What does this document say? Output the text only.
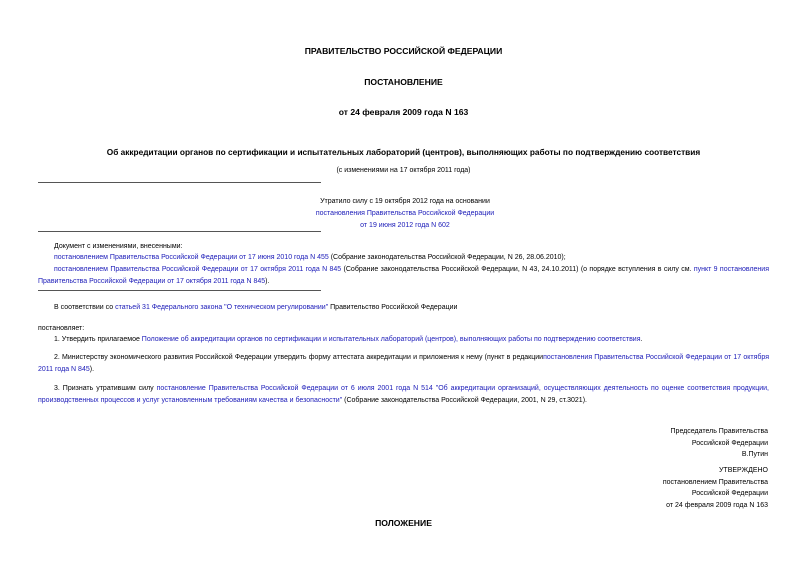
ПРАВИТЕЛЬСТВО РОССИЙСКОЙ ФЕДЕРАЦИИ
ПОСТАНОВЛЕНИЕ
от 24 февраля 2009 года N 163
Об аккредитации органов по сертификации и испытательных лабораторий (центров), выполняющих работы по подтверждению соответствия
(с изменениями на 17 октября 2011 года)
Утратило силу с 19 октября 2012 года на основании
постановления Правительства Российской Федерации
от 19 июня 2012 года N 602
Документ с изменениями, внесенными:
постановлением Правительства Российской Федерации от 17 июня 2010 года N 455 (Собрание законодательства Российской Федерации, N 26, 28.06.2010);
постановлением Правительства Российской Федерации от 17 октября 2011 года N 845 (Собрание законодательства Российской Федерации, N 43, 24.10.2011) (о порядке вступления в силу см. пункт 9 постановления Правительства Российской Федерации от 17 октября 2011 года N 845).
В соответствии со статьей 31 Федерального закона "О техническом регулировании" Правительство Российской Федерации
постановляет:
1. Утвердить прилагаемое Положение об аккредитации органов по сертификации и испытательных лабораторий (центров), выполняющих работы по подтверждению соответствия.
2. Министерству экономического развития Российской Федерации утвердить форму аттестата аккредитации и приложения к нему (пункт в редакциипостановления Правительства Российской Федерации от 17 октября 2011 года N 845).
3. Признать утратившим силу постановление Правительства Российской Федерации от 6 июля 2001 года N 514 "Об аккредитации организаций, осуществляющих деятельность по оценке соответствия продукции, производственных процессов и услуг установленным требованиям качества и безопасности" (Собрание законодательства Российской Федерации, 2001, N 29, ст.3021).
Председатель Правительства
Российской Федерации
В.Путин
УТВЕРЖДЕНО
постановлением Правительства
Российской Федерации
от 24 февраля 2009 года N 163
ПОЛОЖЕНИЕ
